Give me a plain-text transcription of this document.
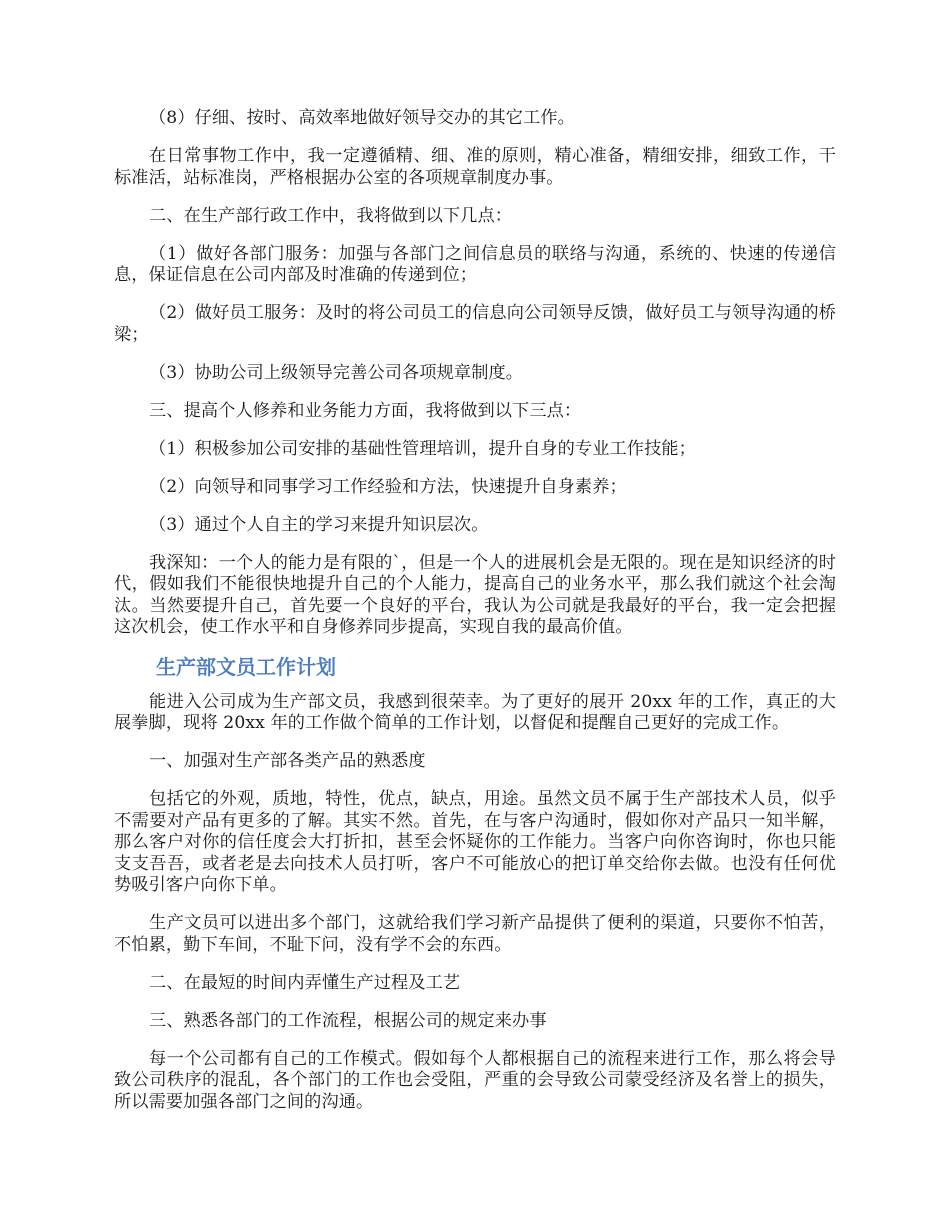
（8）仔细、按时、高效率地做好领导交办的其它工作。

在日常事物工作中，我一定遵循精、细、准的原则，精心准备，精细安排，细致工作，干标准活，站标准岗，严格根据办公室的各项规章制度办事。

二、在生产部行政工作中，我将做到以下几点：

（1）做好各部门服务：加强与各部门之间信息员的联络与沟通，系统的、快速的传递信息，保证信息在公司内部及时准确的传递到位；

（2）做好员工服务：及时的将公司员工的信息向公司领导反馈，做好员工与领导沟通的桥梁；

（3）协助公司上级领导完善公司各项规章制度。

三、提高个人修养和业务能力方面，我将做到以下三点：

（1）积极参加公司安排的基础性管理培训，提升自身的专业工作技能；

（2）向领导和同事学习工作经验和方法，快速提升自身素养；

（3）通过个人自主的学习来提升知识层次。

我深知：一个人的能力是有限的`，但是一个人的进展机会是无限的。现在是知识经济的时代，假如我们不能很快地提升自己的个人能力，提高自己的业务水平，那么我们就这个社会淘汰。当然要提升自己，首先要一个良好的平台，我认为公司就是我最好的平台，我一定会把握这次机会，使工作水平和自身修养同步提高，实现自我的最高价值。

生产部文员工作计划

能进入公司成为生产部文员，我感到很荣幸。为了更好的展开 20xx 年的工作，真正的大展拳脚，现将 20xx 年的工作做个简单的工作计划，以督促和提醒自己更好的完成工作。

一、加强对生产部各类产品的熟悉度

包括它的外观，质地，特性，优点，缺点，用途。虽然文员不属于生产部技术人员，似乎不需要对产品有更多的了解。其实不然。首先，在与客户沟通时，假如你对产品只一知半解，那么客户对你的信任度会大打折扣，甚至会怀疑你的工作能力。当客户向你咨询时，你也只能支支吾吾，或者老是去向技术人员打听，客户不可能放心的把订单交给你去做。也没有任何优势吸引客户向你下单。

生产文员可以进出多个部门，这就给我们学习新产品提供了便利的渠道，只要你不怕苦，不怕累，勤下车间，不耻下问，没有学不会的东西。

二、在最短的时间内弄懂生产过程及工艺

三、熟悉各部门的工作流程，根据公司的规定来办事

每一个公司都有自己的工作模式。假如每个人都根据自己的流程来进行工作，那么将会导致公司秩序的混乱，各个部门的工作也会受阻，严重的会导致公司蒙受经济及名誉上的损失，所以需要加强各部门之间的沟通。
